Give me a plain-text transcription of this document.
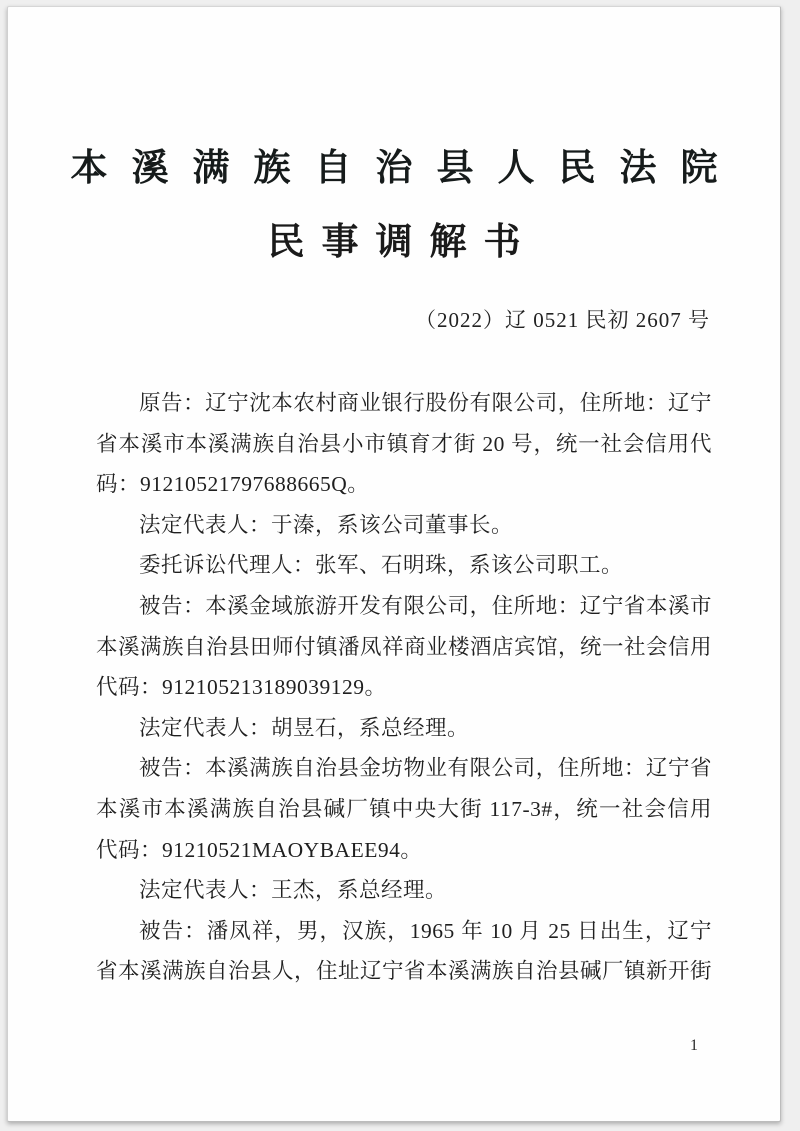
本溪满族自治县人民法院
民事调解书
（2022）辽 0521 民初 2607 号
原告：辽宁沈本农村商业银行股份有限公司，住所地：辽宁
省本溪市本溪满族自治县小市镇育才街 20 号，统一社会信用代
码：91210521797688665Q。
法定代表人：于溱，系该公司董事长。
委托诉讼代理人：张军、石明珠，系该公司职工。
被告：本溪金域旅游开发有限公司，住所地：辽宁省本溪市
本溪满族自治县田师付镇潘凤祥商业楼酒店宾馆，统一社会信用
代码：912105213189039129。
法定代表人：胡昱石，系总经理。
被告：本溪满族自治县金坊物业有限公司，住所地：辽宁省
本溪市本溪满族自治县碱厂镇中央大街 117-3#，统一社会信用
代码：91210521MAOYBAEE94。
法定代表人：王杰，系总经理。
被告：潘凤祥，男，汉族，1965 年 10 月 25 日出生，辽宁
省本溪满族自治县人，住址辽宁省本溪满族自治县碱厂镇新开街
1
